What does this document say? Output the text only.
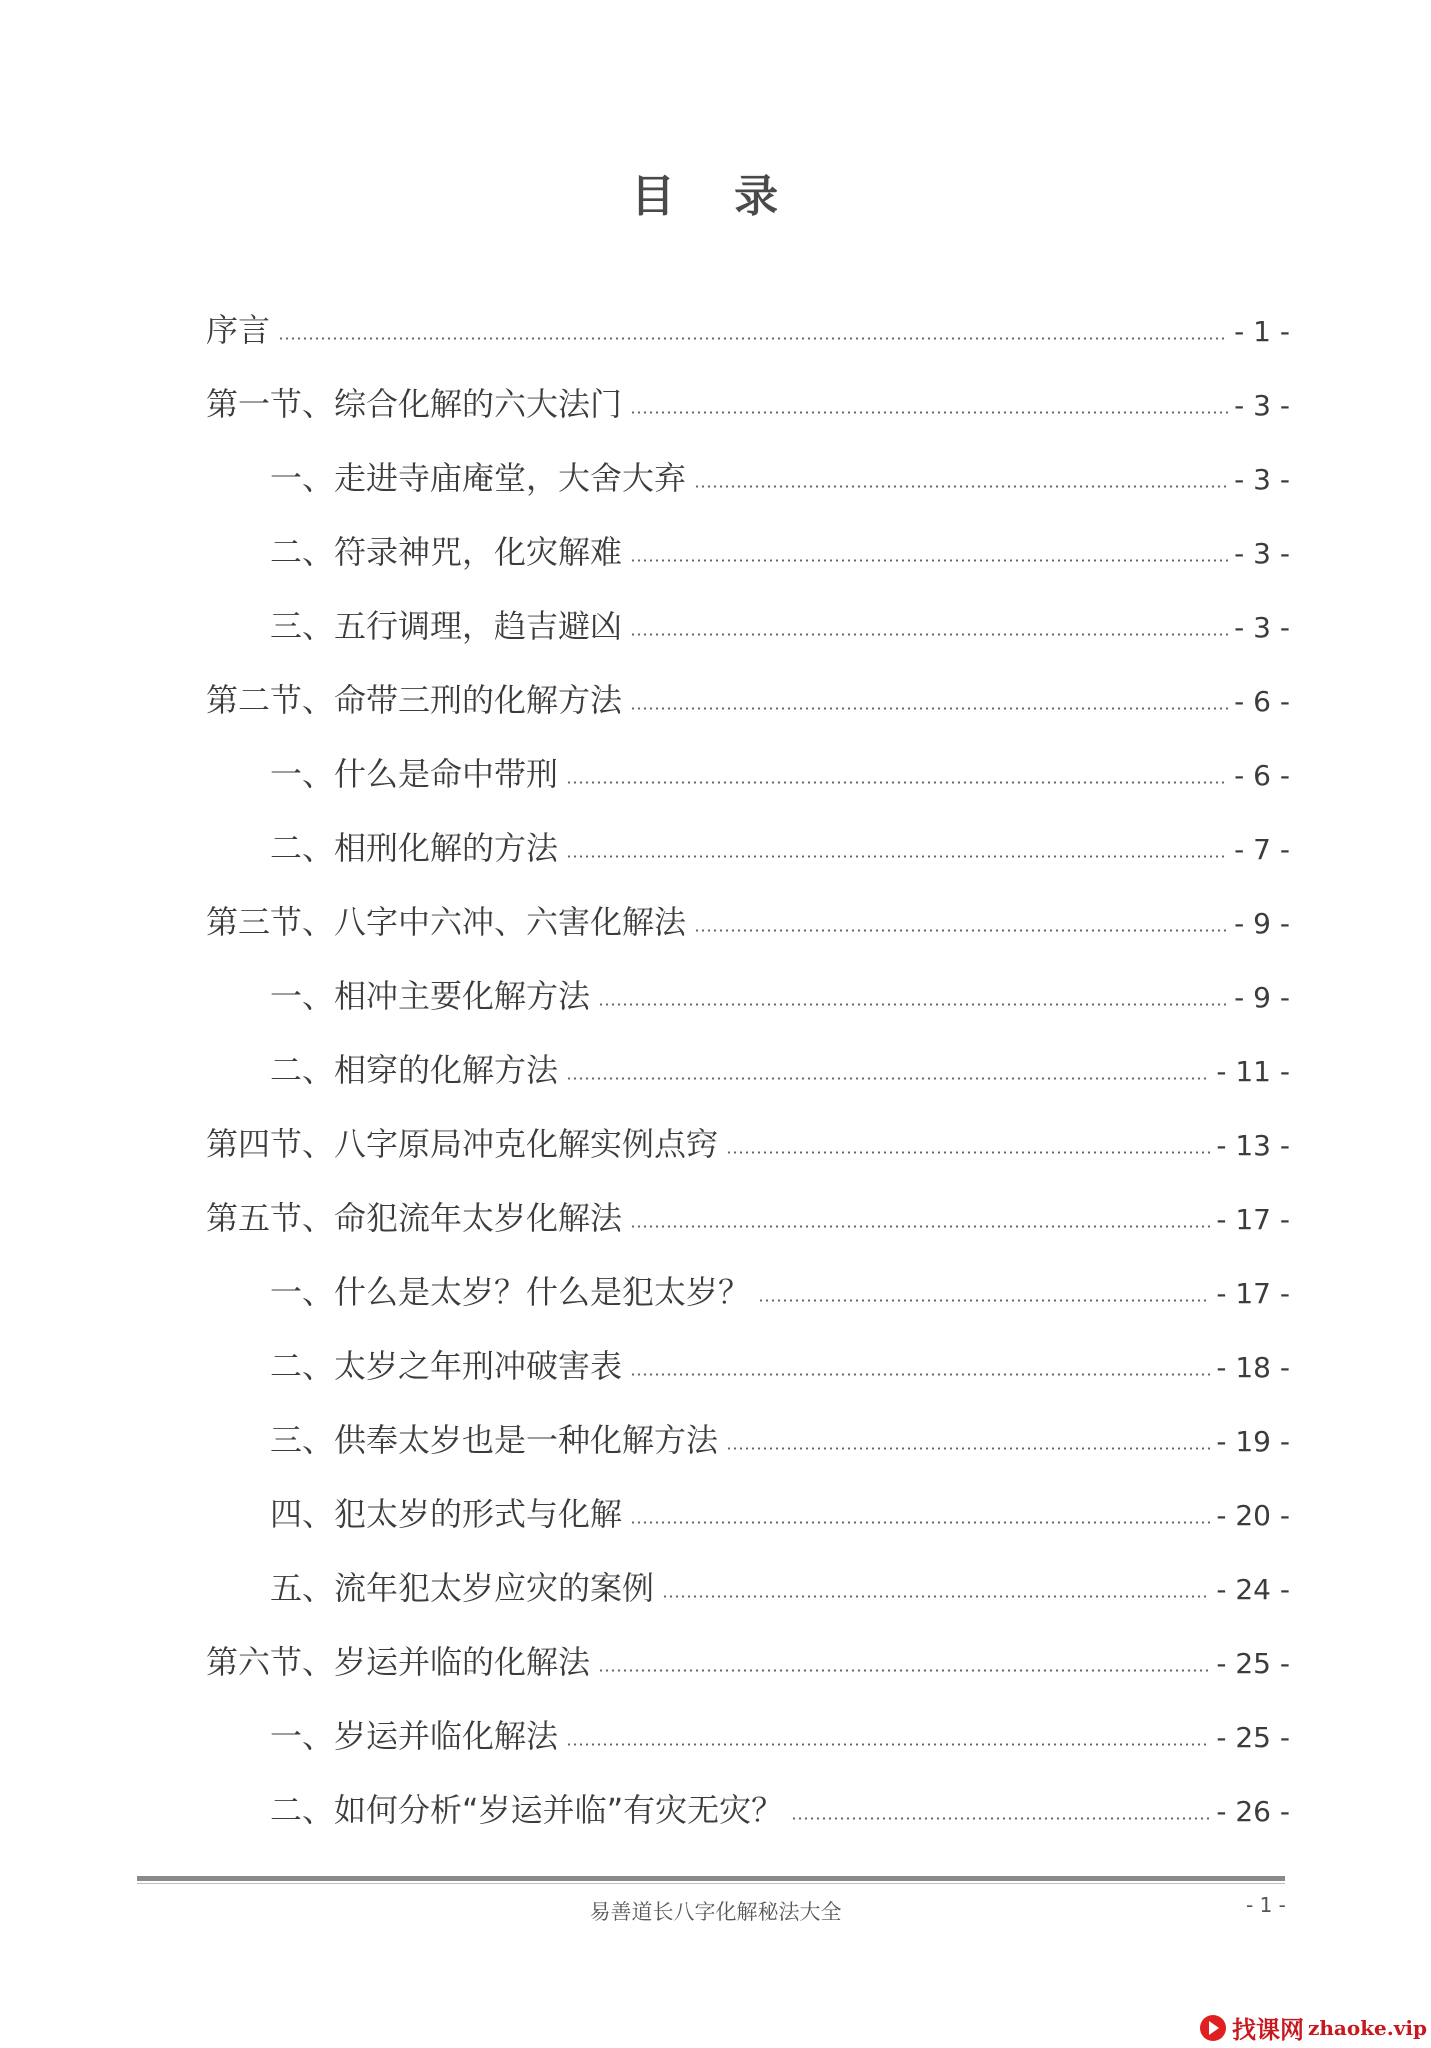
目 录
序言	- 1 -
第一节、综合化解的六大法门	- 3 -
一、走进寺庙庵堂，大舍大弃	- 3 -
二、符录神咒，化灾解难	- 3 -
三、五行调理，趋吉避凶	- 3 -
第二节、命带三刑的化解方法	- 6 -
一、什么是命中带刑	- 6 -
二、相刑化解的方法	- 7 -
第三节、八字中六冲、六害化解法	- 9 -
一、相冲主要化解方法	- 9 -
二、相穿的化解方法	- 11 -
第四节、八字原局冲克化解实例点窍	- 13 -
第五节、命犯流年太岁化解法	- 17 -
一、什么是太岁？什么是犯太岁？	- 17 -
二、太岁之年刑冲破害表	- 18 -
三、供奉太岁也是一种化解方法	- 19 -
四、犯太岁的形式与化解	- 20 -
五、流年犯太岁应灾的案例	- 24 -
第六节、岁运并临的化解法	- 25 -
一、岁运并临化解法	- 25 -
二、如何分析“岁运并临”有灾无灾？	- 26 -
易善道长八字化解秘法大全	- 1 -
找课网 zhaoke.vip
